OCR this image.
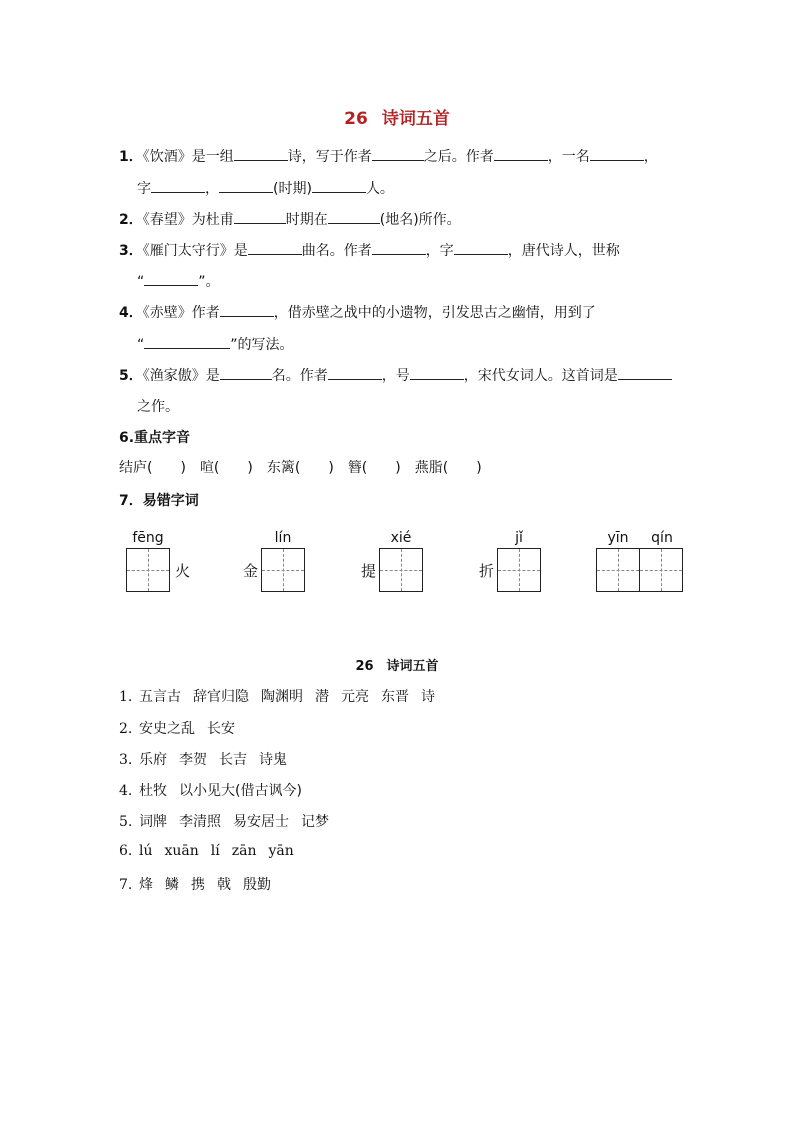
26 诗词五首
1．《饮酒》是一组	诗，写于作者	之后。作者	，一名	，
字	，	(时期)	人。
2．《春望》为杜甫	时期在	(地名)所作。
3．《雁门太守行》是	曲名。作者	，字	，唐代诗人，世称
“	”。
4．《赤壁》作者	，借赤壁之战中的小遗物，引发思古之幽情，用到了
“	”的写法。
5．《渔家傲》是	名。作者	，号	，宋代女词人。这首词是
之作。
6.重点字音
结庐(　　) 喧(　　) 东篱(　　) 簪(　　) 燕脂(　　)
7．易错字词
fēng
火
lín
金
xié
提
jǐ
折
yīn	qín
26　诗词五首
1. 五言古 辞官归隐 陶渊明 潜 元亮 东晋 诗
2. 安史之乱 长安
3. 乐府 李贺 长吉 诗鬼
4. 杜牧 以小见大(借古讽今)
5. 词牌 李清照 易安居士 记梦
6. lú xuān lí zān yān
7. 烽 鳞 携 戟 殷勤
